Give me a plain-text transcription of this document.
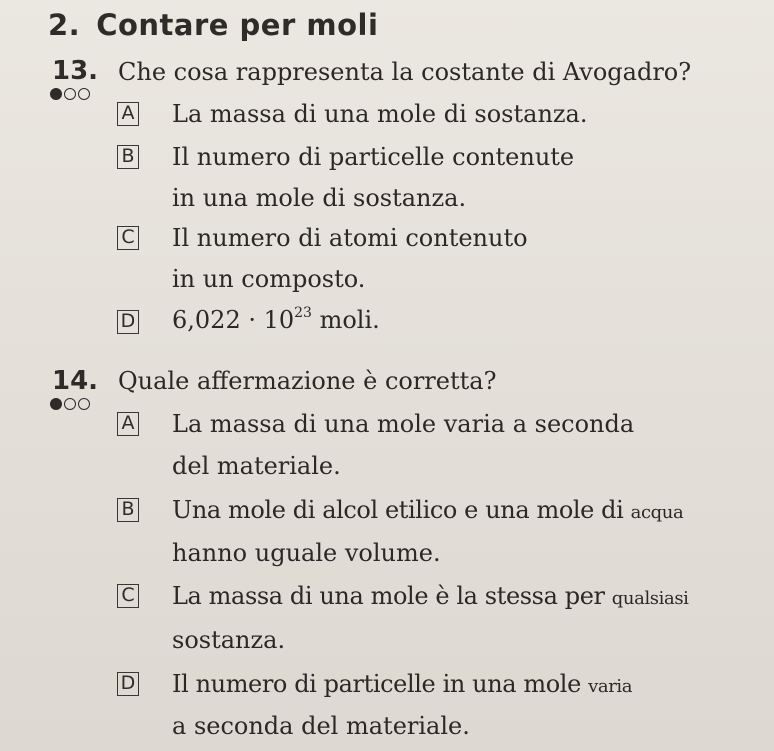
2. Contare per moli
13. Che cosa rappresenta la costante di Avogadro?
A La massa di una mole di sostanza.
B Il numero di particelle contenute
in una mole di sostanza.
C Il numero di atomi contenuto
in un composto.
D $6,022 \cdot 10^{23}$ moli.
14. Quale affermazione è corretta?
A La massa di una mole varia a seconda
del materiale.
B Una mole di alcol etilico e una mole di acqua
hanno uguale volume.
C La massa di una mole è la stessa per qualsiasi
sostanza.
D Il numero di particelle in una mole varia
a seconda del materiale.
